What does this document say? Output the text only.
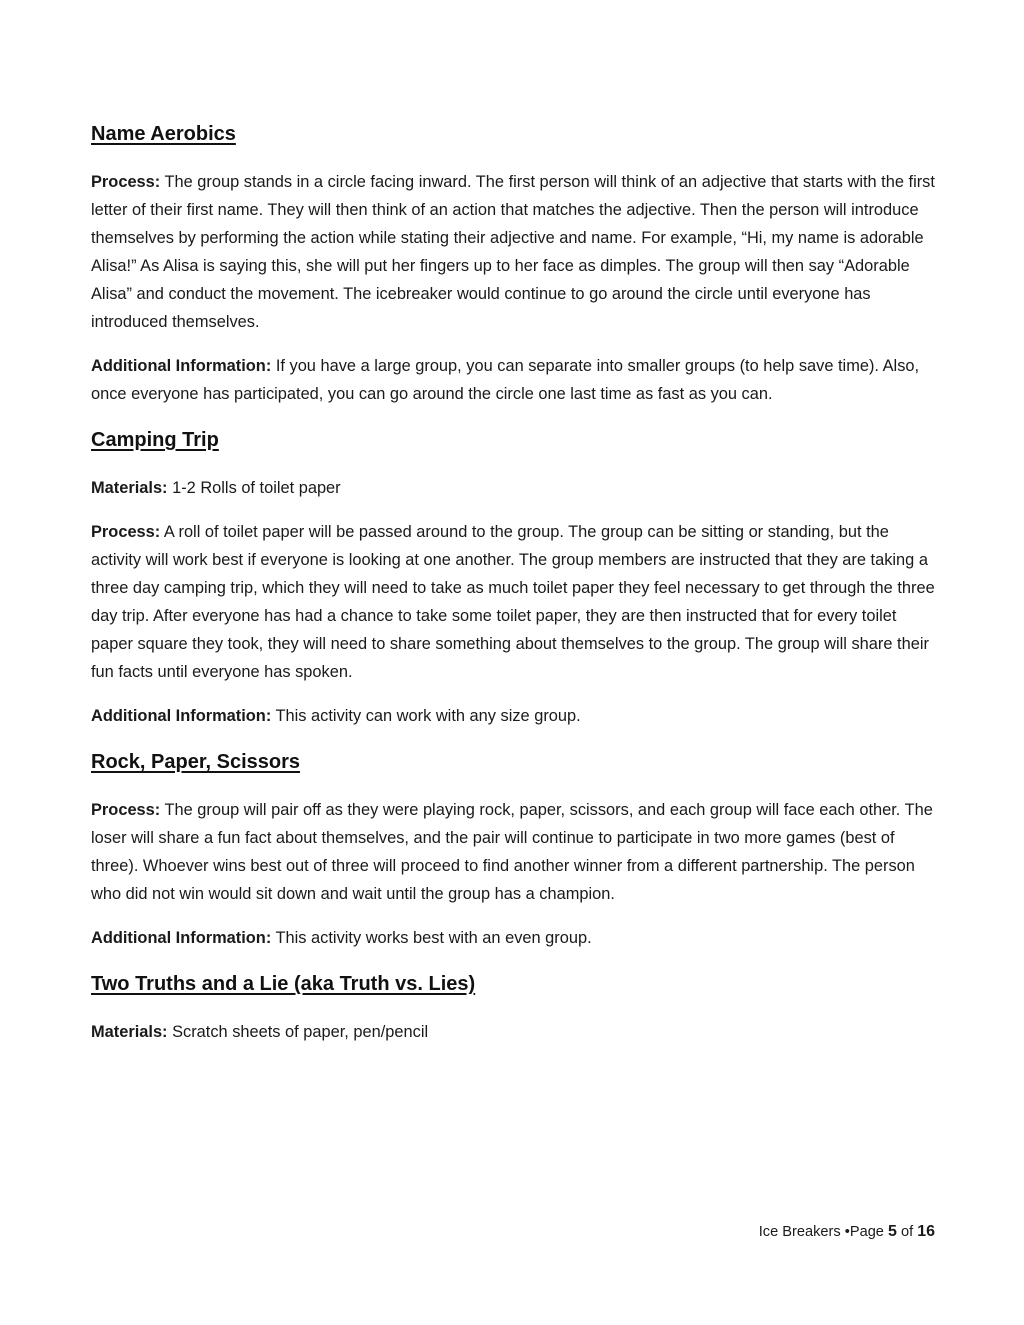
Name Aerobics

Process: The group stands in a circle facing inward. The first person will think of an adjective that starts with the first letter of their first name. They will then think of an action that matches the adjective. Then the person will introduce themselves by performing the action while stating their adjective and name. For example, “Hi, my name is adorable Alisa!” As Alisa is saying this, she will put her fingers up to her face as dimples. The group will then say “Adorable Alisa” and conduct the movement. The icebreaker would continue to go around the circle until everyone has introduced themselves.

Additional Information: If you have a large group, you can separate into smaller groups (to help save time). Also, once everyone has participated, you can go around the circle one last time as fast as you can.

Camping Trip

Materials: 1-2 Rolls of toilet paper

Process: A roll of toilet paper will be passed around to the group. The group can be sitting or standing, but the activity will work best if everyone is looking at one another. The group members are instructed that they are taking a three day camping trip, which they will need to take as much toilet paper they feel necessary to get through the three day trip. After everyone has had a chance to take some toilet paper, they are then instructed that for every toilet paper square they took, they will need to share something about themselves to the group. The group will share their fun facts until everyone has spoken.

Additional Information: This activity can work with any size group.

Rock, Paper, Scissors

Process: The group will pair off as they were playing rock, paper, scissors, and each group will face each other. The loser will share a fun fact about themselves, and the pair will continue to participate in two more games (best of three). Whoever wins best out of three will proceed to find another winner from a different partnership. The person who did not win would sit down and wait until the group has a champion.

Additional Information: This activity works best with an even group.

Two Truths and a Lie (aka Truth vs. Lies)

Materials: Scratch sheets of paper, pen/pencil

Ice Breakers •Page 5 of 16
